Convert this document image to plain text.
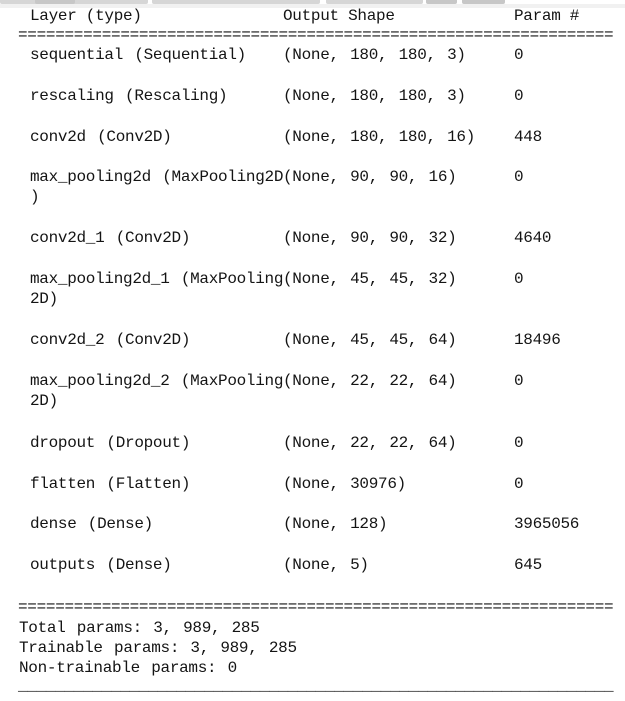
Layer (type)	Output Shape	Param #
================================================================
sequential (Sequential)	(None, 180, 180, 3)	0
rescaling (Rescaling)	(None, 180, 180, 3)	0
conv2d (Conv2D)	(None, 180, 180, 16) 448
max_pooling2d (MaxPooling2D
)
(None, 90, 90, 16)	0
conv2d_1 (Conv2D)	(None, 90, 90, 32)	4640
max_pooling2d_1 (MaxPooling
2D)
(None, 45, 45, 32)	0
conv2d_2 (Conv2D)	(None, 45, 45, 64)	18496
max_pooling2d_2 (MaxPooling
2D)
(None, 22, 22, 64)	0
dropout (Dropout)	(None, 22, 22, 64)	0
flatten (Flatten)	(None, 30976)	0
dense (Dense)	(None, 128)	3965056
outputs (Dense)	(None, 5)	645
================================================================
Total params: 3, 989, 285
Trainable params: 3, 989, 285
Non-trainable params: 0
________________________________________________________________
